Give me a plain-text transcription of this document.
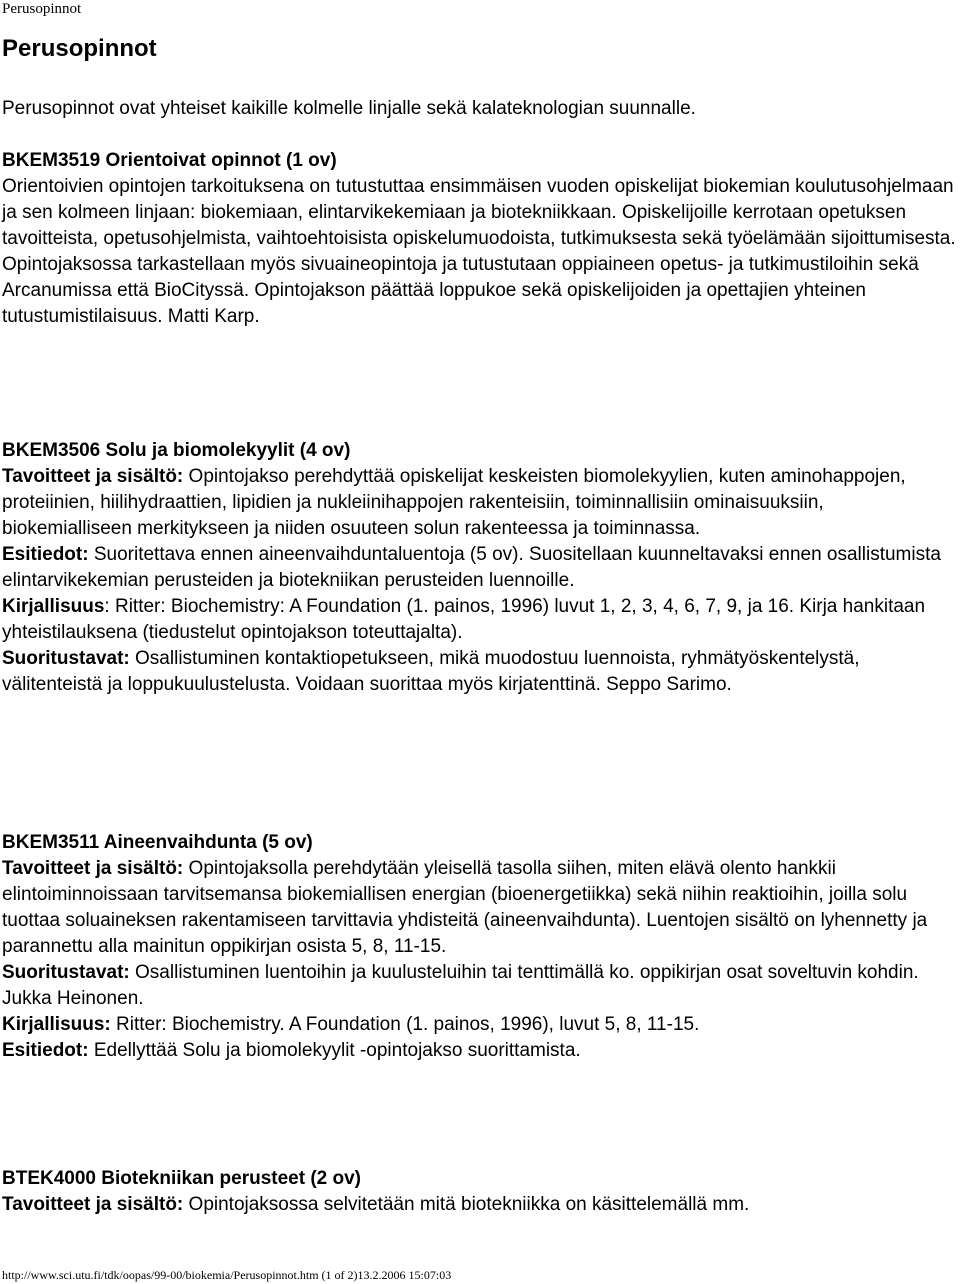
Perusopinnot
Perusopinnot

Perusopinnot ovat yhteiset kaikille kolmelle linjalle sekä kalateknologian suunnalle.

BKEM3519 Orientoivat opinnot (1 ov)
Orientoivien opintojen tarkoituksena on tutustuttaa ensimmäisen vuoden opiskelijat biokemian koulutusohjelmaan ja sen kolmeen linjaan: biokemiaan, elintarvikekemiaan ja biotekniikkaan. Opiskelijoille kerrotaan opetuksen tavoitteista, opetusohjelmista, vaihtoehtoisista opiskelumuodoista, tutkimuksesta sekä työelämään sijoittumisesta. Opintojaksossa tarkastellaan myös sivuaineopintoja ja tutustutaan oppiaineen opetus- ja tutkimustiloihin sekä Arcanumissa että BioCityssä. Opintojakson päättää loppukoe sekä opiskelijoiden ja opettajien yhteinen tutustumistilaisuus. Matti Karp.
BKEM3506 Solu ja biomolekyylit (4 ov)
Tavoitteet ja sisältö: Opintojakso perehdyttää opiskelijat keskeisten biomolekyylien, kuten aminohappojen, proteiinien, hiilihydraattien, lipidien ja nukleiinihappojen rakenteisiin, toiminnallisiin ominaisuuksiin, biokemialliseen merkitykseen ja niiden osuuteen solun rakenteessa ja toiminnassa.
Esitiedot: Suoritettava ennen aineenvaihduntaluentoja (5 ov). Suositellaan kuunneltavaksi ennen osallistumista elintarvikekemian perusteiden ja biotekniikan perusteiden luennoille.
Kirjallisuus: Ritter: Biochemistry: A Foundation (1. painos, 1996) luvut 1, 2, 3, 4, 6, 7, 9, ja 16. Kirja hankitaan yhteistilauksena (tiedustelut opintojakson toteuttajalta).
Suoritustavat: Osallistuminen kontaktiopetukseen, mikä muodostuu luennoista, ryhmätyöskentelystä, välitenteistä ja loppukuulustelusta. Voidaan suorittaa myös kirjatenttinä. Seppo Sarimo.
BKEM3511 Aineenvaihdunta (5 ov)
Tavoitteet ja sisältö: Opintojaksolla perehdytään yleisellä tasolla siihen, miten elävä olento hankkii elintoiminnoissaan tarvitsemansa biokemiallisen energian (bioenergetiikka) sekä niihin reaktioihin, joilla solu tuottaa soluaineksen rakentamiseen tarvittavia yhdisteitä (aineenvaihdunta). Luentojen sisältö on lyhennetty ja parannettu alla mainitun oppikirjan osista 5, 8, 11-15.
Suoritustavat: Osallistuminen luentoihin ja kuulusteluihin tai tenttimällä ko. oppikirjan osat soveltuvin kohdin. Jukka Heinonen.
Kirjallisuus: Ritter: Biochemistry. A Foundation (1. painos, 1996), luvut 5, 8, 11-15.
Esitiedot: Edellyttää Solu ja biomolekyylit -opintojakso suorittamista.
BTEK4000 Biotekniikan perusteet (2 ov)
Tavoitteet ja sisältö: Opintojaksossa selvitetään mitä biotekniikka on käsittelemällä mm.
http://www.sci.utu.fi/tdk/oopas/99-00/biokemia/Perusopinnot.htm (1 of 2)13.2.2006 15:07:03
